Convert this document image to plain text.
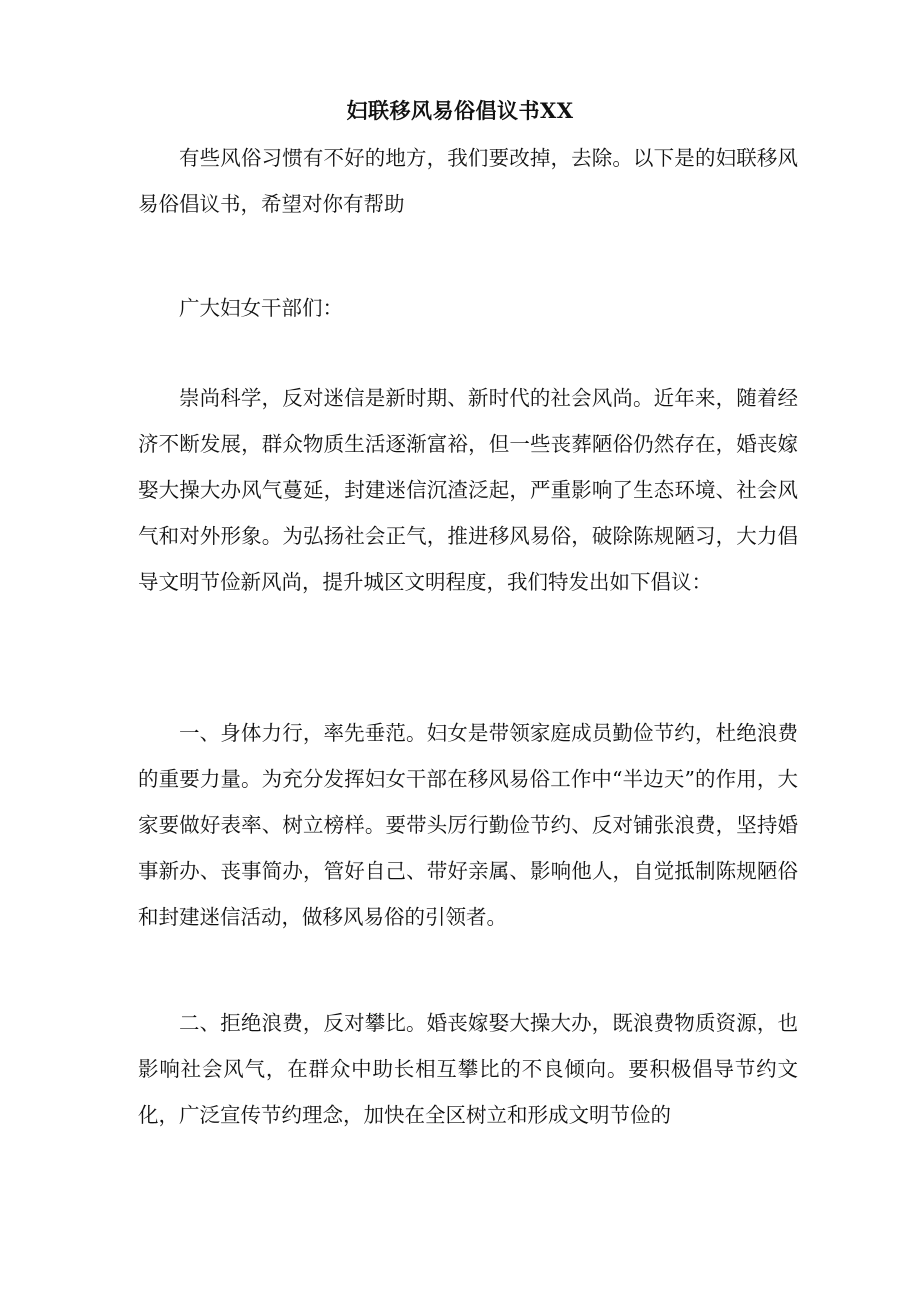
妇联移风易俗倡议书XX

有些风俗习惯有不好的地方，我们要改掉，去除。以下是的妇联移风易俗倡议书，希望对你有帮助

广大妇女干部们：

崇尚科学，反对迷信是新时期、新时代的社会风尚。近年来，随着经济不断发展，群众物质生活逐渐富裕，但一些丧葬陋俗仍然存在，婚丧嫁娶大操大办风气蔓延，封建迷信沉渣泛起，严重影响了生态环境、社会风气和对外形象。为弘扬社会正气，推进移风易俗，破除陈规陋习，大力倡导文明节俭新风尚，提升城区文明程度，我们特发出如下倡议：

一、身体力行，率先垂范。妇女是带领家庭成员勤俭节约，杜绝浪费的重要力量。为充分发挥妇女干部在移风易俗工作中“半边天”的作用，大家要做好表率、树立榜样。要带头厉行勤俭节约、反对铺张浪费，坚持婚事新办、丧事简办，管好自己、带好亲属、影响他人，自觉抵制陈规陋俗和封建迷信活动，做移风易俗的引领者。

二、拒绝浪费，反对攀比。婚丧嫁娶大操大办，既浪费物质资源，也影响社会风气，在群众中助长相互攀比的不良倾向。要积极倡导节约文化，广泛宣传节约理念，加快在全区树立和形成文明节俭的
